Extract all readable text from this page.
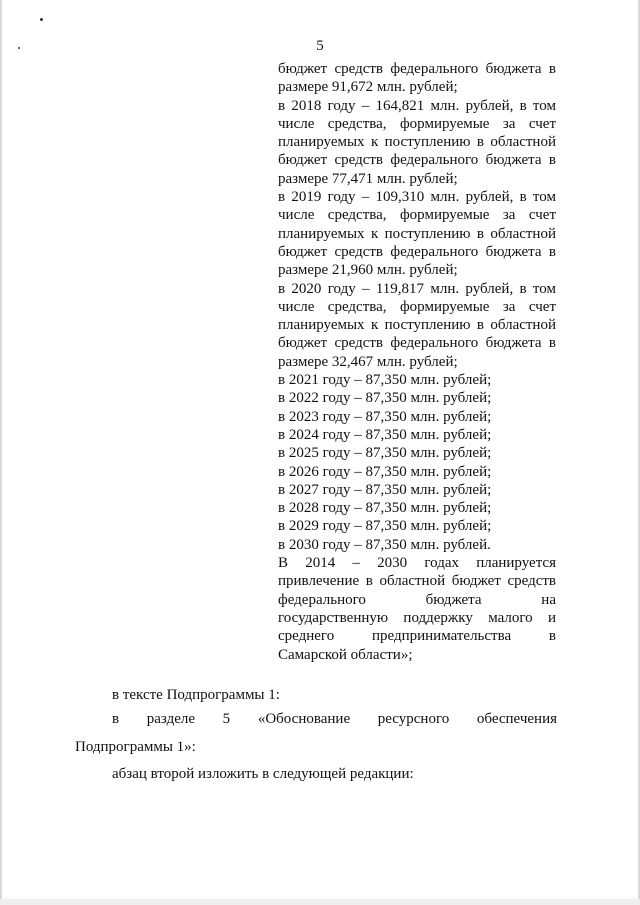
5
бюджет средств федерального бюджета в
размере 91,672 млн. рублей;
в 2018 году – 164,821 млн. рублей, в том
числе средства, формируемые за счет
планируемых к поступлению в областной
бюджет средств федерального бюджета в
размере 77,471 млн. рублей;
в 2019 году – 109,310 млн. рублей, в том
числе средства, формируемые за счет
планируемых к поступлению в областной
бюджет средств федерального бюджета в
размере 21,960 млн. рублей;
в 2020 году – 119,817 млн. рублей, в том
числе средства, формируемые за счет
планируемых к поступлению в областной
бюджет средств федерального бюджета в
размере 32,467 млн. рублей;
в 2021 году – 87,350 млн. рублей;
в 2022 году – 87,350 млн. рублей;
в 2023 году – 87,350 млн. рублей;
в 2024 году – 87,350 млн. рублей;
в 2025 году – 87,350 млн. рублей;
в 2026 году – 87,350 млн. рублей;
в 2027 году – 87,350 млн. рублей;
в 2028 году – 87,350 млн. рублей;
в 2029 году – 87,350 млн. рублей;
в 2030 году – 87,350 млн. рублей.
В 2014 – 2030 годах планируется
привлечение в областной бюджет средств
федерального бюджета на
государственную поддержку малого и
среднего предпринимательства в
Самарской области»;
в тексте Подпрограммы 1:
в разделе 5 «Обоснование ресурсного обеспечения
Подпрограммы 1»:
абзац второй изложить в следующей редакции:
